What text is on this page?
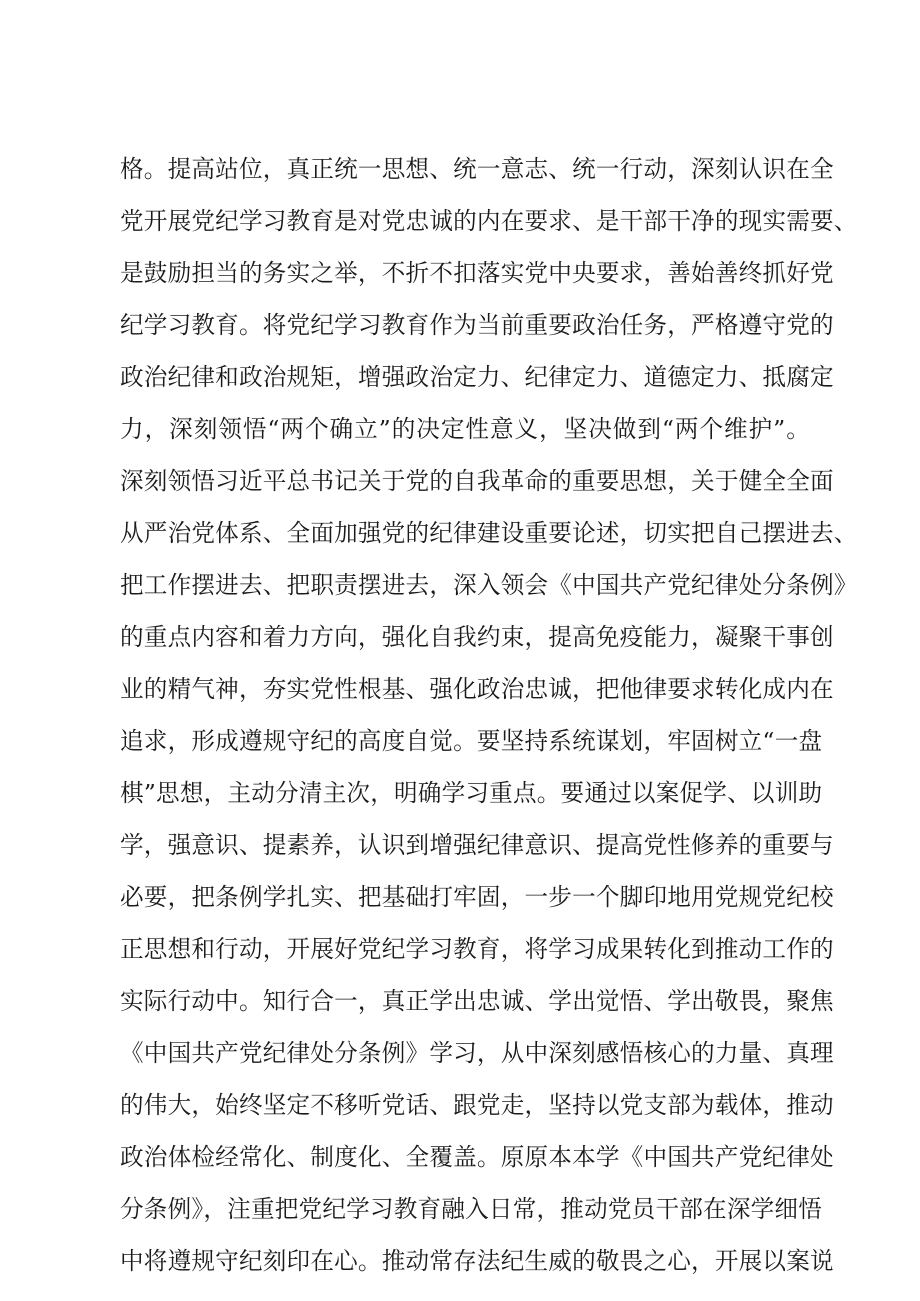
格。提高站位，真正统一思想、统一意志、统一行动，深刻认识在全
党开展党纪学习教育是对党忠诚的内在要求、是干部干净的现实需要、
是鼓励担当的务实之举，不折不扣落实党中央要求，善始善终抓好党
纪学习教育。将党纪学习教育作为当前重要政治任务，严格遵守党的
政治纪律和政治规矩，增强政治定力、纪律定力、道德定力、抵腐定
力，深刻领悟“两个确立”的决定性意义，坚决做到“两个维护”。
深刻领悟习近平总书记关于党的自我革命的重要思想，关于健全全面
从严治党体系、全面加强党的纪律建设重要论述，切实把自己摆进去、
把工作摆进去、把职责摆进去，深入领会《中国共产党纪律处分条例》
的重点内容和着力方向，强化自我约束，提高免疫能力，凝聚干事创
业的精气神，夯实党性根基、强化政治忠诚，把他律要求转化成内在
追求，形成遵规守纪的高度自觉。要坚持系统谋划，牢固树立“一盘
棋”思想，主动分清主次，明确学习重点。要通过以案促学、以训助
学，强意识、提素养，认识到增强纪律意识、提高党性修养的重要与
必要，把条例学扎实、把基础打牢固，一步一个脚印地用党规党纪校
正思想和行动，开展好党纪学习教育，将学习成果转化到推动工作的
实际行动中。知行合一，真正学出忠诚、学出觉悟、学出敬畏，聚焦
《中国共产党纪律处分条例》学习，从中深刻感悟核心的力量、真理
的伟大，始终坚定不移听党话、跟党走，坚持以党支部为载体，推动
政治体检经常化、制度化、全覆盖。原原本本学《中国共产党纪律处
分条例》，注重把党纪学习教育融入日常，推动党员干部在深学细悟
中将遵规守纪刻印在心。推动常存法纪生威的敬畏之心，开展以案说
